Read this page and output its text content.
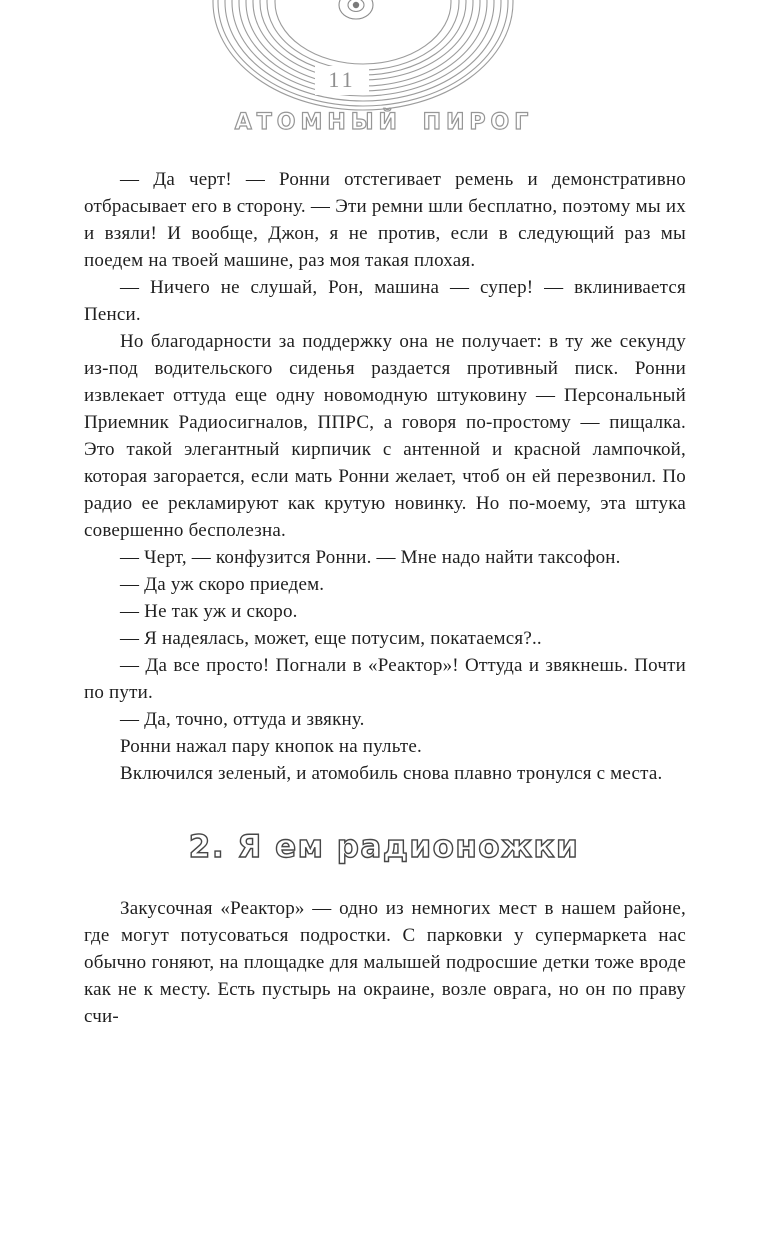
11
АТОМНЫЙ ПИРОГ

— Да черт! — Ронни отстегивает ремень и демонстративно отбрасывает его в сторону. — Эти ремни шли бесплатно, поэтому мы их и взяли! И вообще, Джон, я не против, если в следующий раз мы поедем на твоей машине, раз моя такая плохая.

— Ничего не слушай, Рон, машина — супер! — вклинивается Пенси.

Но благодарности за поддержку она не получает: в ту же секунду из-под водительского сиденья раздается противный писк. Ронни извлекает оттуда еще одну новомодную штуковину — Персональный Приемник Радиосигналов, ППРС, а говоря по-простому — пищалка. Это такой элегантный кирпичик с антенной и красной лампочкой, которая загорается, если мать Ронни желает, чтоб он ей перезвонил. По радио ее рекламируют как крутую новинку. Но по-моему, эта штука совершенно бесполезна.

— Черт, — конфузится Ронни. — Мне надо найти таксофон.

— Да уж скоро приедем.

— Не так уж и скоро.

— Я надеялась, может, еще потусим, покатаемся?..

— Да все просто! Погнали в «Реактор»! Оттуда и звякнешь. Почти по пути.

— Да, точно, оттуда и звякну.

Ронни нажал пару кнопок на пульте.

Включился зеленый, и атомобиль снова плавно тронулся с места.

2. Я ем радионожки

Закусочная «Реактор» — одно из немногих мест в нашем районе, где могут потусоваться подростки. С парковки у супермаркета нас обычно гоняют, на площадке для малышей подросшие детки тоже вроде как не к месту. Есть пустырь на окраине, возле оврага, но он по праву счи-
